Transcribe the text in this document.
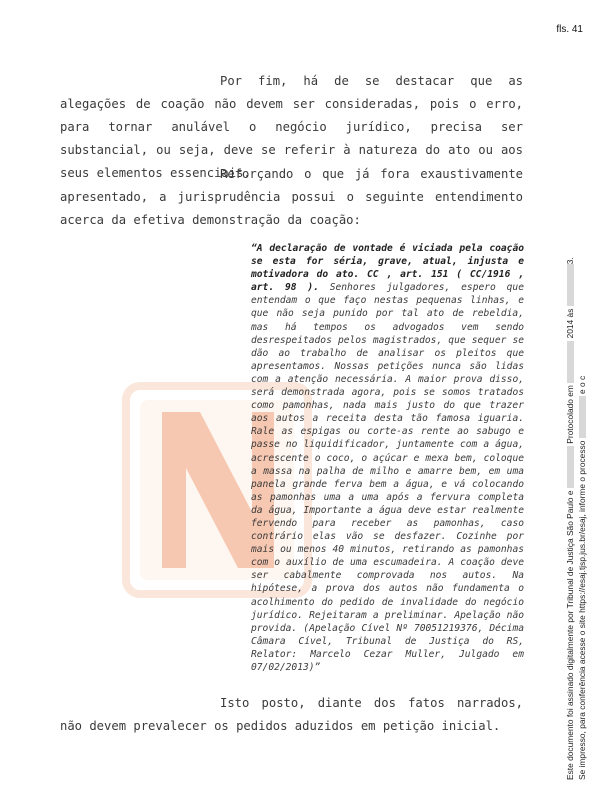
fls. 41
Por fim, há de se destacar que as alegações de coação não devem ser consideradas, pois o erro, para tornar anulável o negócio jurídico, precisa ser substancial, ou seja, deve se referir à natureza do ato ou aos seus elementos essenciais.
Reforçando o que já fora exaustivamente apresentado, a jurisprudência possui o seguinte entendimento acerca da efetiva demonstração da coação:
“A declaração de vontade é viciada pela coação se esta for séria, grave, atual, injusta e motivadora do ato. CC , art. 151 ( CC/1916 , art. 98 ). Senhores julgadores, espero que entendam o que faço nestas pequenas linhas, e que não seja punido por tal ato de rebeldia, mas há tempos os advogados vem sendo desrespeitados pelos magistrados, que sequer se dão ao trabalho de analisar os pleitos que apresentamos. Nossas petições nunca são lidas com a atenção necessária. A maior prova disso, será demonstrada agora, pois se somos tratados como pamonhas, nada mais justo do que trazer aos autos a receita desta tão famosa iguaria. Rale as espigas ou corte-as rente ao sabugo e passe no liquidificador, juntamente com a água, acrescente o coco, o açúcar e mexa bem, coloque a massa na palha de milho e amarre bem, em uma panela grande ferva bem a água, e vá colocando as pamonhas uma a uma após a fervura completa da água, Importante a água deve estar realmente fervendo para receber as pamonhas, caso contrário elas vão se desfazer. Cozinhe por mais ou menos 40 minutos, retirando as pamonhas com o auxílio de uma escumadeira. A coação deve ser cabalmente comprovada nos autos. Na hipótese, a prova dos autos não fundamenta o acolhimento do pedido de invalidade do negócio jurídico. Rejeitaram a preliminar. Apelação não provida. (Apelação Cível Nº 70051219376, Décima Câmara Cível, Tribunal de Justiça do RS, Relator: Marcelo Cezar Muller, Julgado em 07/02/2013)”
Isto posto, diante dos fatos narrados, não devem prevalecer os pedidos aduzidos em petição inicial.	Este documento foi assinado digitalmente por Tribunal de Justiça São Paulo e  Protocolado em  2014 às 3.
Se impresso, para conferência acesse o site https://esaj.tjsp.jus.br/esaj, informe o processo  e o c
